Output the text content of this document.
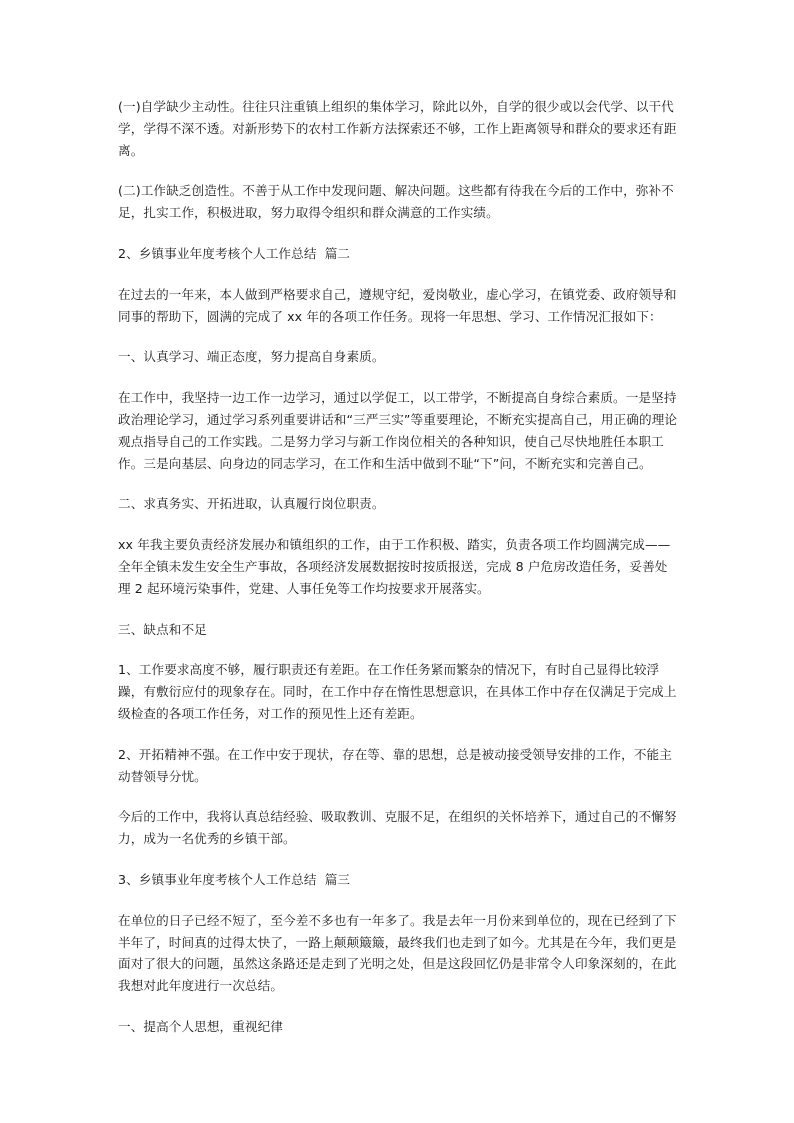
(一)自学缺少主动性。往往只注重镇上组织的集体学习，除此以外，自学的很少或以会代学、以干代学，学得不深不透。对新形势下的农村工作新方法探索还不够，工作上距离领导和群众的要求还有距离。

(二)工作缺乏创造性。不善于从工作中发现问题、解决问题。这些都有待我在今后的工作中，弥补不足，扎实工作，积极进取，努力取得令组织和群众满意的工作实绩。

2、乡镇事业年度考核个人工作总结  篇二

在过去的一年来，本人做到严格要求自己，遵规守纪，爱岗敬业，虚心学习，在镇党委、政府领导和同事的帮助下，圆满的完成了 xx 年的各项工作任务。现将一年思想、学习、工作情况汇报如下：

一、认真学习、端正态度，努力提高自身素质。

在工作中，我坚持一边工作一边学习，通过以学促工，以工带学，不断提高自身综合素质。一是坚持政治理论学习，通过学习系列重要讲话和“三严三实”等重要理论，不断充实提高自己，用正确的理论观点指导自己的工作实践。二是努力学习与新工作岗位相关的各种知识，使自己尽快地胜任本职工作。三是向基层、向身边的同志学习，在工作和生活中做到不耻“下”问，不断充实和完善自己。

二、求真务实、开拓进取，认真履行岗位职责。

xx 年我主要负责经济发展办和镇组织的工作，由于工作积极、踏实，负责各项工作均圆满完成——全年全镇未发生安全生产事故，各项经济发展数据按时按质报送，完成 8 户危房改造任务，妥善处理 2 起环境污染事件，党建、人事任免等工作均按要求开展落实。

三、缺点和不足

1、工作要求高度不够，履行职责还有差距。在工作任务紧而繁杂的情况下，有时自己显得比较浮躁，有敷衍应付的现象存在。同时，在工作中存在惰性思想意识，在具体工作中存在仅满足于完成上级检查的各项工作任务，对工作的预见性上还有差距。

2、开拓精神不强。在工作中安于现状，存在等、靠的思想，总是被动接受领导安排的工作，不能主动替领导分忧。

今后的工作中，我将认真总结经验、吸取教训、克服不足，在组织的关怀培养下，通过自己的不懈努力，成为一名优秀的乡镇干部。

3、乡镇事业年度考核个人工作总结  篇三

在单位的日子已经不短了，至今差不多也有一年多了。我是去年一月份来到单位的，现在已经到了下半年了，时间真的过得太快了，一路上颠颠簸簸，最终我们也走到了如今。尤其是在今年，我们更是面对了很大的问题，虽然这条路还是走到了光明之处，但是这段回忆仍是非常令人印象深刻的，在此我想对此年度进行一次总结。

一、提高个人思想，重视纪律
